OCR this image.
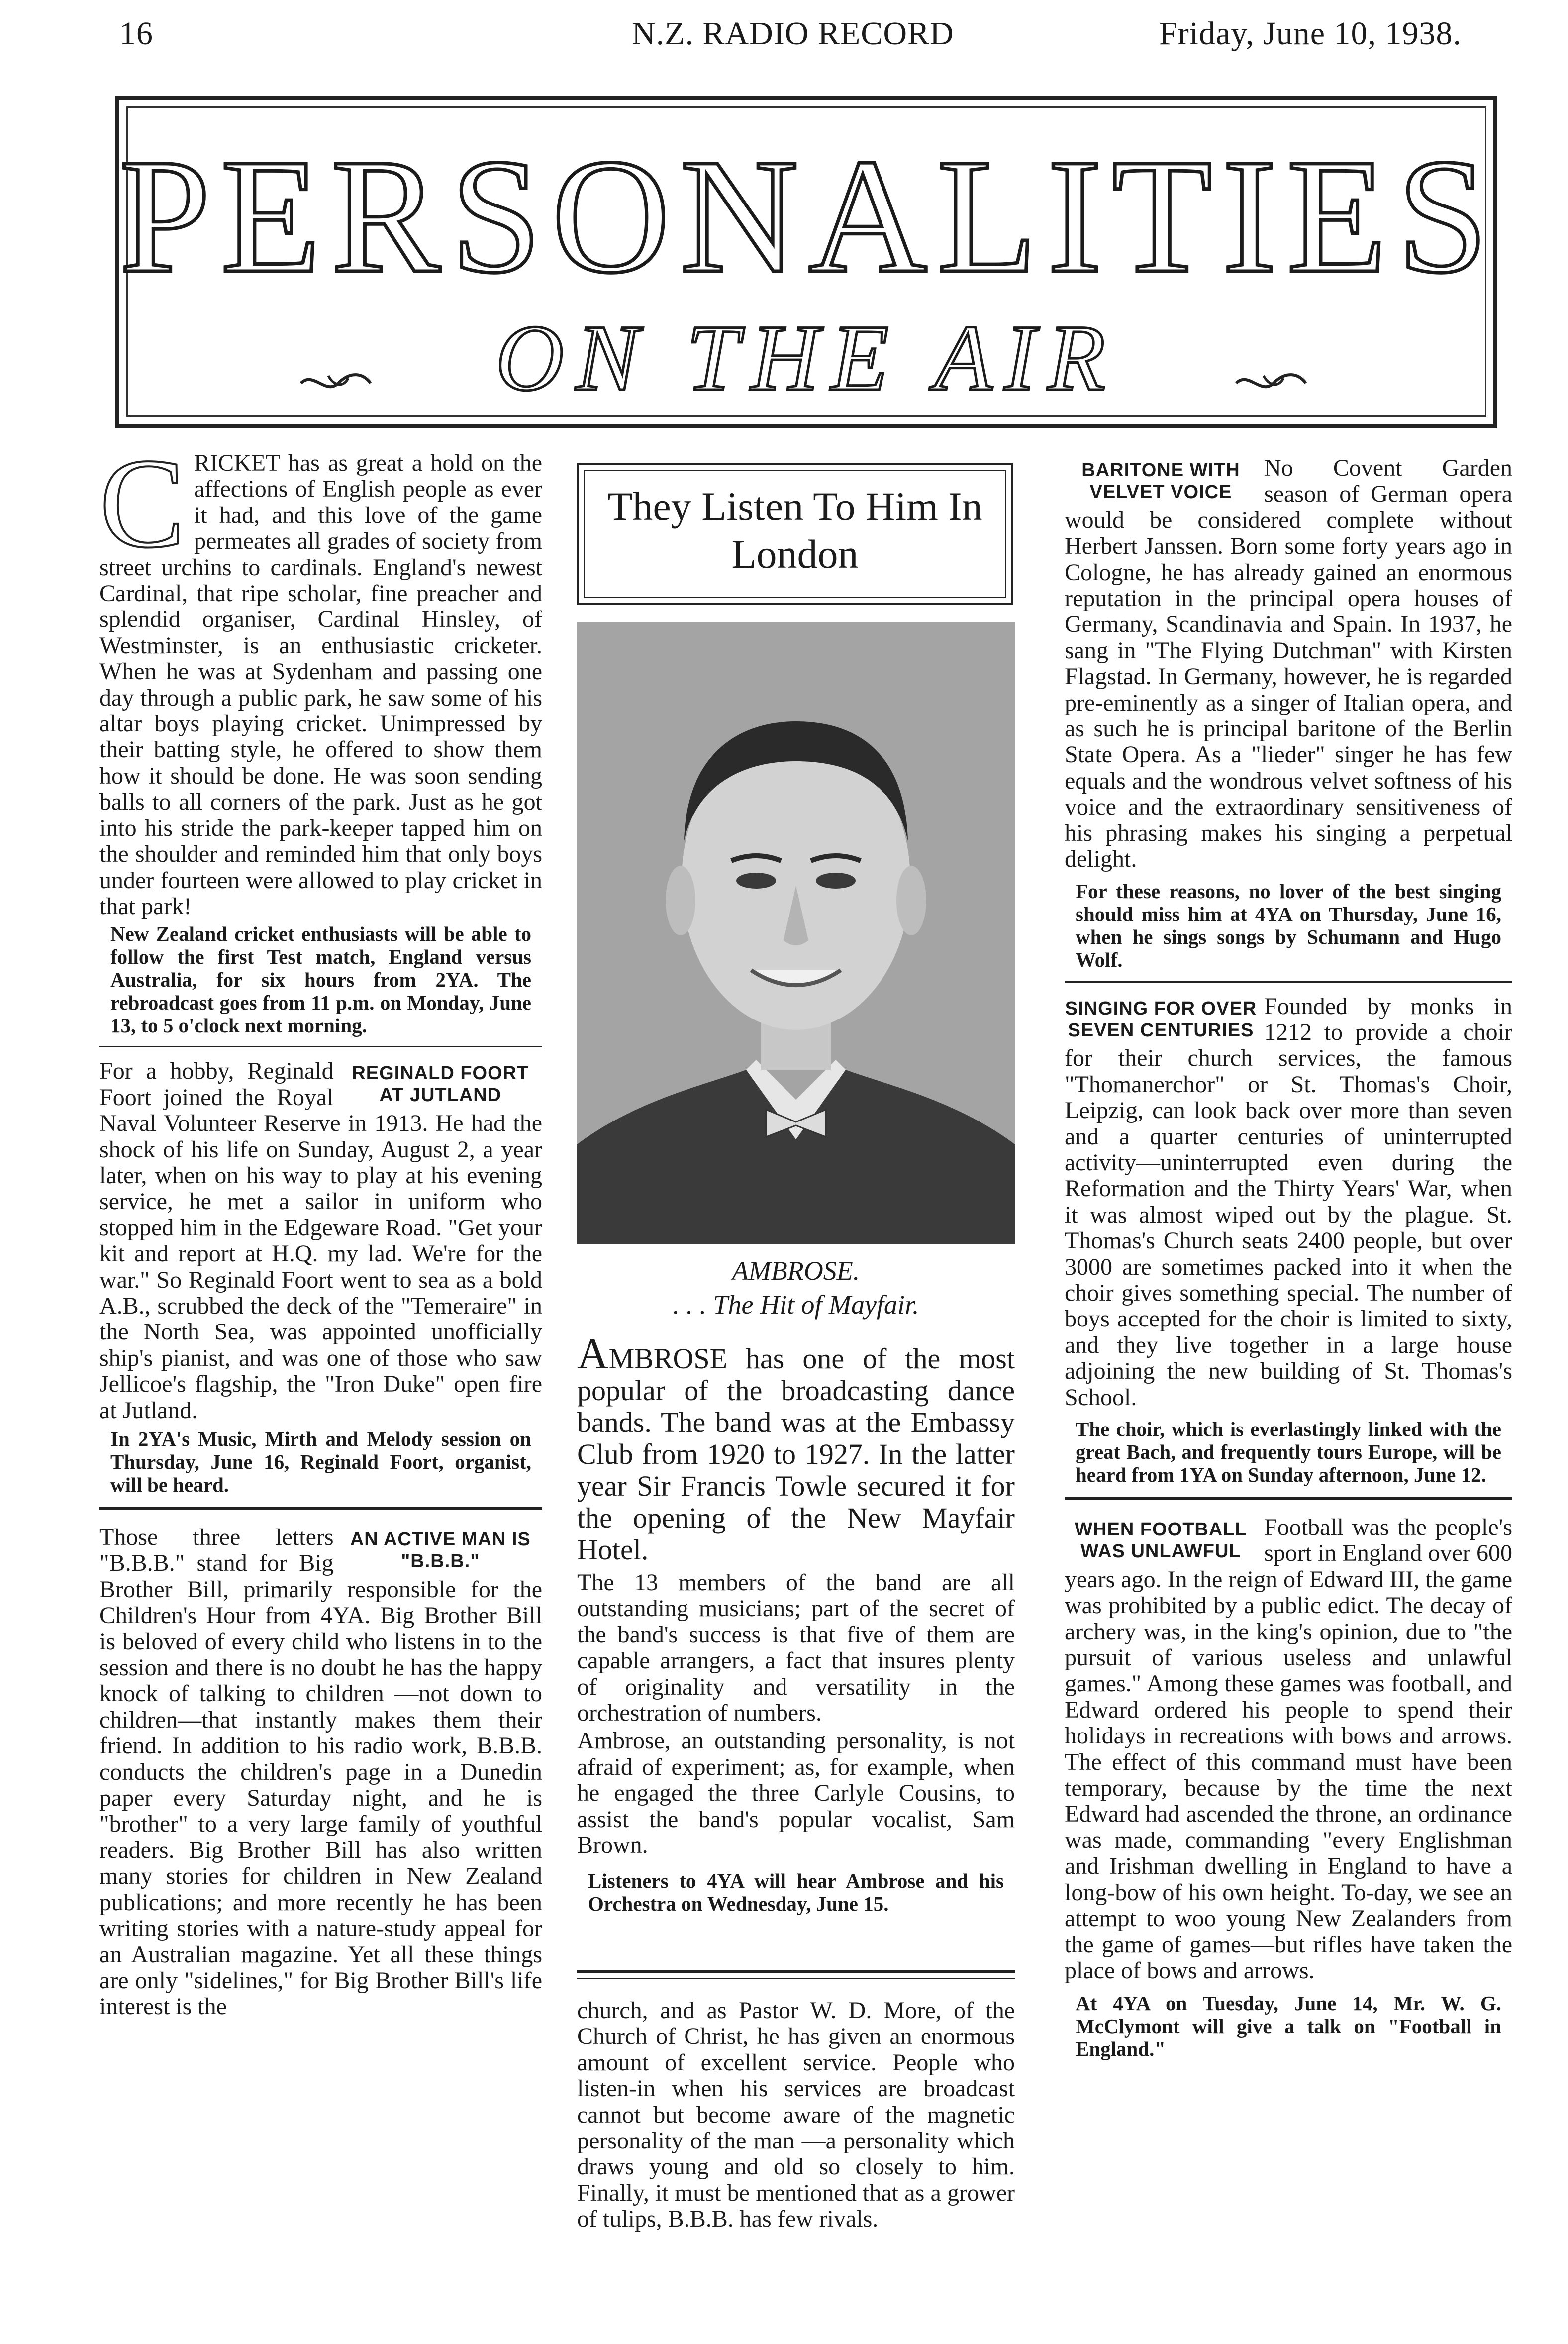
16	N.Z. RADIO RECORD	Friday, June 10, 1938.
PERSONALITIES
ON THE AIR
C RICKET has as great a hold on the affections of English people as ever it had, and this love of the game permeates all grades of society from street urchins to cardinals. England's newest Cardinal, that ripe scholar, fine preacher and splendid organiser, Cardinal Hinsley, of Westminster, is an enthusiastic cricketer. When he was at Sydenham and passing one day through a public park, he saw some of his altar boys playing cricket. Unimpressed by their batting style, he offered to show them how it should be done. He was soon sending balls to all corners of the park. Just as he got into his stride the park-keeper tapped him on the shoulder and reminded him that only boys under fourteen were allowed to play cricket in that park!

New Zealand cricket enthusiasts will be able to follow the first Test match, England versus Australia, for six hours from 2YA. The rebroadcast goes from 11 p.m. on Monday, June 13, to 5 o'clock next morning.

REGINALD FOORT AT JUTLAND

For a hobby, Reginald Foort joined the Royal Naval Volunteer Reserve in 1913. He had the shock of his life on Sunday, August 2, a year later, when on his way to play at his evening service, he met a sailor in uniform who stopped him in the Edgeware Road. "Get your kit and report at H.Q. my lad. We're for the war." So Reginald Foort went to sea as a bold A.B., scrubbed the deck of the "Temeraire" in the North Sea, was appointed unofficially ship's pianist, and was one of those who saw Jellicoe's flagship, the "Iron Duke" open fire at Jutland.

In 2YA's Music, Mirth and Melody session on Thursday, June 16, Reginald Foort, organist, will be heard.

AN ACTIVE MAN IS "B.B.B."

Those three letters "B.B.B." stand for Big Brother Bill, primarily responsible for the Children's Hour from 4YA. Big Brother Bill is beloved of every child who listens in to the session and there is no doubt he has the happy knock of talking to children —not down to children—that instantly makes them their friend. In addition to his radio work, B.B.B. conducts the children's page in a Dunedin paper every Saturday night, and he is "brother" to a very large family of youthful readers. Big Brother Bill has also written many stories for children in New Zealand publications; and more recently he has been writing stories with a nature-study appeal for an Australian magazine. Yet all these things are only "sidelines," for Big Brother Bill's life interest is the

They Listen To Him In London
AMBROSE.
. . . The Hit of Mayfair.
AMBROSE has one of the most popular of the broadcasting dance bands. The band was at the Embassy Club from 1920 to 1927. In the latter year Sir Francis Towle secured it for the opening of the New Mayfair Hotel.

The 13 members of the band are all outstanding musicians; part of the secret of the band's success is that five of them are capable arrangers, a fact that insures plenty of originality and versatility in the orchestration of numbers.

Ambrose, an outstanding personality, is not afraid of experiment; as, for example, when he engaged the three Carlyle Cousins, to assist the band's popular vocalist, Sam Brown.

Listeners to 4YA will hear Ambrose and his Orchestra on Wednesday, June 15.

church, and as Pastor W. D. More, of the Church of Christ, he has given an enormous amount of excellent service. People who listen-in when his services are broadcast cannot but become aware of the magnetic personality of the man —a personality which draws young and old so closely to him. Finally, it must be mentioned that as a grower of tulips, B.B.B. has few rivals.

BARITONE WITH VELVET VOICE

No Covent Garden season of German opera would be considered complete without Herbert Janssen. Born some forty years ago in Cologne, he has already gained an enormous reputation in the principal opera houses of Germany, Scandinavia and Spain. In 1937, he sang in "The Flying Dutchman" with Kirsten Flagstad. In Germany, however, he is regarded pre-eminently as a singer of Italian opera, and as such he is principal baritone of the Berlin State Opera. As a "lieder" singer he has few equals and the wondrous velvet softness of his voice and the extraordinary sensitiveness of his phrasing makes his singing a perpetual delight.

For these reasons, no lover of the best singing should miss him at 4YA on Thursday, June 16, when he sings songs by Schumann and Hugo Wolf.

SINGING FOR OVER SEVEN CENTURIES

Founded by monks in 1212 to provide a choir for their church services, the famous "Thomanerchor" or St. Thomas's Choir, Leipzig, can look back over more than seven and a quarter centuries of uninterrupted activity—uninterrupted even during the Reformation and the Thirty Years' War, when it was almost wiped out by the plague. St. Thomas's Church seats 2400 people, but over 3000 are sometimes packed into it when the choir gives something special. The number of boys accepted for the choir is limited to sixty, and they live together in a large house adjoining the new building of St. Thomas's School.

The choir, which is everlastingly linked with the great Bach, and frequently tours Europe, will be heard from 1YA on Sunday afternoon, June 12.

WHEN FOOTBALL WAS UNLAWFUL

Football was the people's sport in England over 600 years ago. In the reign of Edward III, the game was prohibited by a public edict. The decay of archery was, in the king's opinion, due to "the pursuit of various useless and unlawful games." Among these games was football, and Edward ordered his people to spend their holidays in recreations with bows and arrows. The effect of this command must have been temporary, because by the time the next Edward had ascended the throne, an ordinance was made, commanding "every Englishman and Irishman dwelling in England to have a long-bow of his own height. To-day, we see an attempt to woo young New Zealanders from the game of games—but rifles have taken the place of bows and arrows.

At 4YA on Tuesday, June 14, Mr. W. G. McClymont will give a talk on "Football in England."
